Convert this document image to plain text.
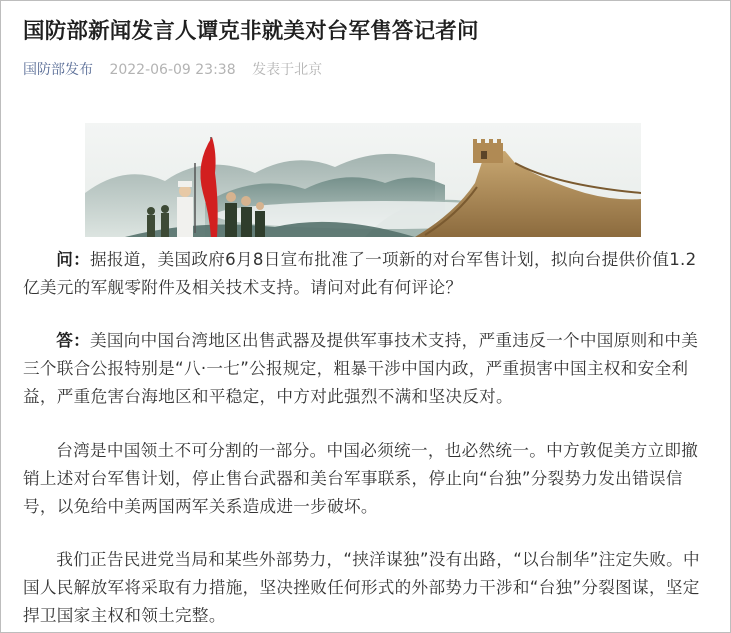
国防部新闻发言人谭克非就美对台军售答记者问
国防部发布 2022-06-09 23:38 发表于北京

问：据报道，美国政府6月8日宣布批准了一项新的对台军售计划，拟向台提供价值1.2亿美元的军舰零附件及相关技术支持。请问对此有何评论？

答：美国向中国台湾地区出售武器及提供军事技术支持，严重违反一个中国原则和中美三个联合公报特别是“八·一七”公报规定，粗暴干涉中国内政，严重损害中国主权和安全利益，严重危害台海地区和平稳定，中方对此强烈不满和坚决反对。

台湾是中国领土不可分割的一部分。中国必须统一，也必然统一。中方敦促美方立即撤销上述对台军售计划，停止售台武器和美台军事联系，停止向“台独”分裂势力发出错误信号，以免给中美两国两军关系造成进一步破坏。

我们正告民进党当局和某些外部势力，“挟洋谋独”没有出路，“以台制华”注定失败。中国人民解放军将采取有力措施，坚决挫败任何形式的外部势力干涉和“台独”分裂图谋，坚定捍卫国家主权和领土完整。
